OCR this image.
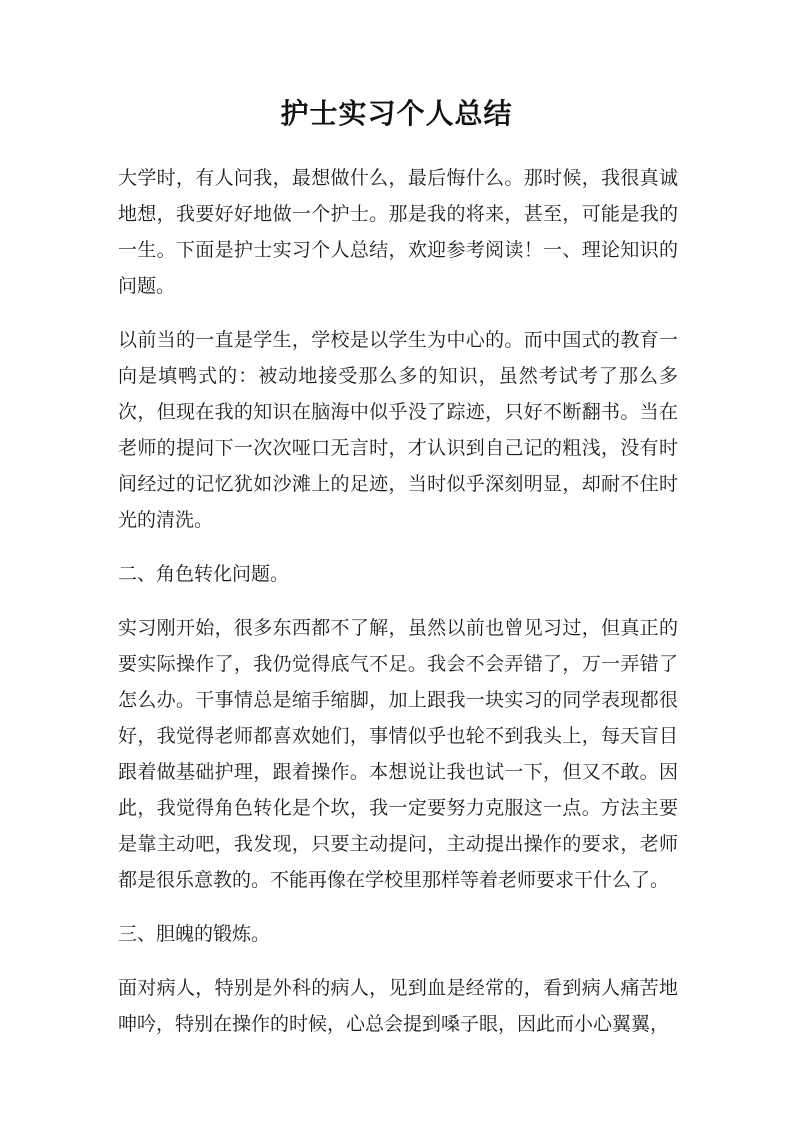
护士实习个人总结

大学时，有人问我，最想做什么，最后悔什么。那时候，我很真诚地想，我要好好地做一个护士。那是我的将来，甚至，可能是我的一生。下面是护士实习个人总结，欢迎参考阅读！一、理论知识的问题。

以前当的一直是学生，学校是以学生为中心的。而中国式的教育一向是填鸭式的：被动地接受那么多的知识，虽然考试考了那么多次，但现在我的知识在脑海中似乎没了踪迹，只好不断翻书。当在老师的提问下一次次哑口无言时，才认识到自己记的粗浅，没有时间经过的记忆犹如沙滩上的足迹，当时似乎深刻明显，却耐不住时光的清洗。

二、角色转化问题。

实习刚开始，很多东西都不了解，虽然以前也曾见习过，但真正的要实际操作了，我仍觉得底气不足。我会不会弄错了，万一弄错了怎么办。干事情总是缩手缩脚，加上跟我一块实习的同学表现都很好，我觉得老师都喜欢她们，事情似乎也轮不到我头上，每天盲目跟着做基础护理，跟着操作。本想说让我也试一下，但又不敢。因此，我觉得角色转化是个坎，我一定要努力克服这一点。方法主要是靠主动吧，我发现，只要主动提问，主动提出操作的要求，老师都是很乐意教的。不能再像在学校里那样等着老师要求干什么了。

三、胆魄的锻炼。

面对病人，特别是外科的病人，见到血是经常的，看到病人痛苦地呻吟，特别在操作的时候，心总会提到嗓子眼，因此而小心翼翼，
